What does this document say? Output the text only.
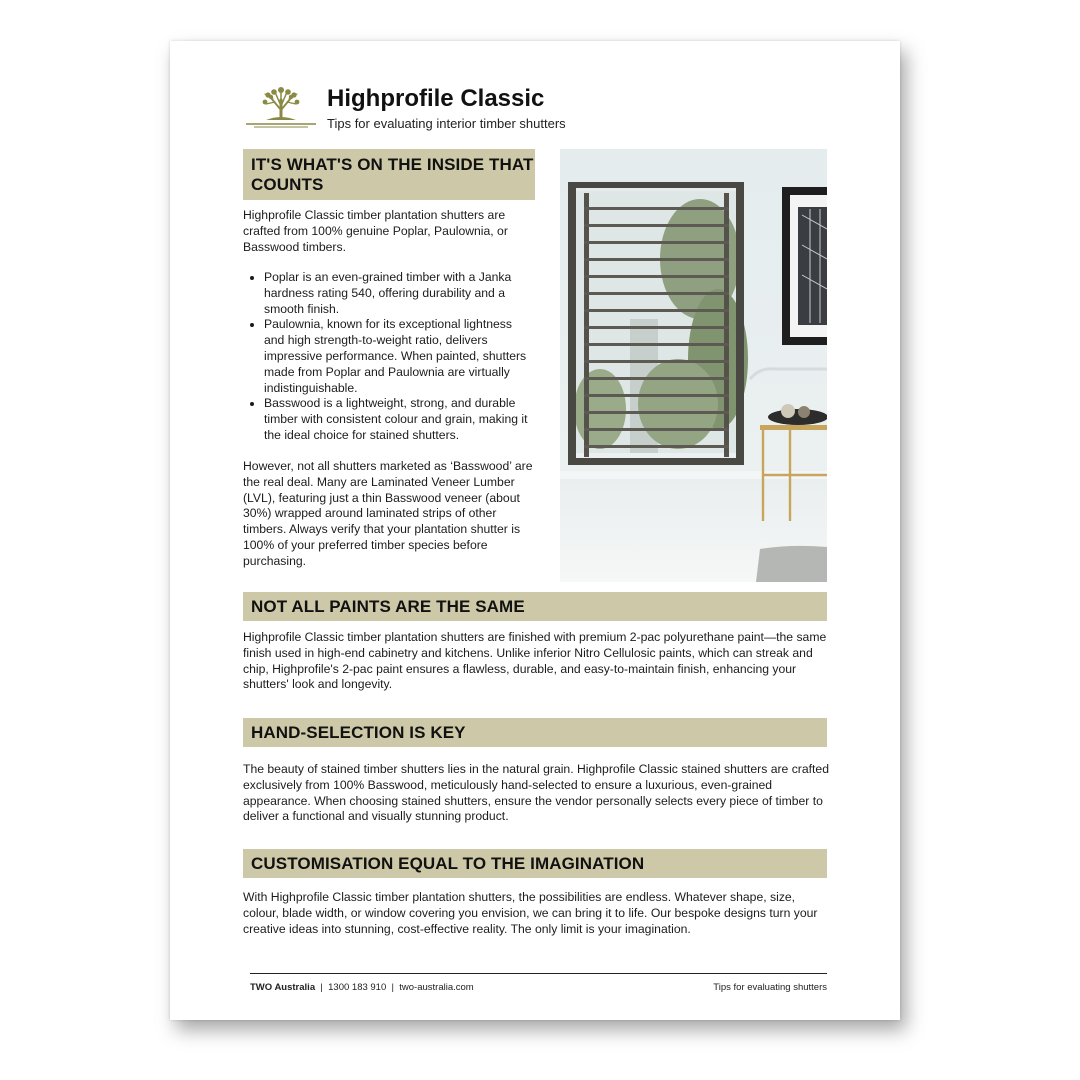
Highprofile Classic
Tips for evaluating interior timber shutters
IT'S WHAT'S ON THE INSIDE THAT COUNTS

Highprofile Classic timber plantation shutters are crafted from 100% genuine Poplar, Paulownia, or Basswood timbers.

• Poplar is an even-grained timber with a Janka hardness rating 540, offering durability and a smooth finish.
• Paulownia, known for its exceptional lightness and high strength-to-weight ratio, delivers impressive performance. When painted, shutters made from Poplar and Paulownia are virtually indistinguishable.
• Basswood is a lightweight, strong, and durable timber with consistent colour and grain, making it the ideal choice for stained shutters.

However, not all shutters marketed as ‘Basswood’ are the real deal. Many are Laminated Veneer Lumber (LVL), featuring just a thin Basswood veneer (about 30%) wrapped around laminated strips of other timbers. Always verify that your plantation shutter is 100% of your preferred timber species before purchasing.

NOT ALL PAINTS ARE THE SAME

Highprofile Classic timber plantation shutters are finished with premium 2-pac polyurethane paint—the same finish used in high-end cabinetry and kitchens. Unlike inferior Nitro Cellulosic paints, which can streak and chip, Highprofile's 2-pac paint ensures a flawless, durable, and easy-to-maintain finish, enhancing your shutters' look and longevity.

HAND-SELECTION IS KEY

The beauty of stained timber shutters lies in the natural grain. Highprofile Classic stained shutters are crafted exclusively from 100% Basswood, meticulously hand-selected to ensure a luxurious, even-grained appearance. When choosing stained shutters, ensure the vendor personally selects every piece of timber to deliver a functional and visually stunning product.

CUSTOMISATION EQUAL TO THE IMAGINATION

With Highprofile Classic timber plantation shutters, the possibilities are endless. Whatever shape, size, colour, blade width, or window covering you envision, we can bring it to life. Our bespoke designs turn your creative ideas into stunning, cost-effective reality. The only limit is your imagination.

TWO Australia  |  1300 183 910  |  two-australia.com	Tips for evaluating shutters
